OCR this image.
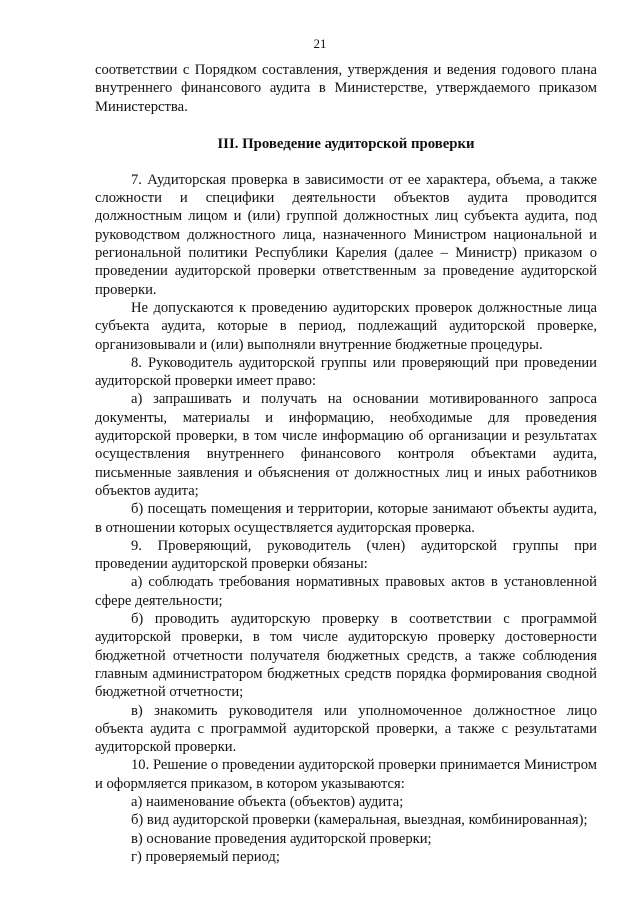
21

соответствии с Порядком составления, утверждения и ведения годового плана внутреннего финансового аудита в Министерстве, утверждаемого приказом Министерства.

III. Проведение аудиторской проверки

7. Аудиторская проверка в зависимости от ее характера, объема, а также сложности и специфики деятельности объектов аудита проводится должностным лицом и (или) группой должностных лиц субъекта аудита, под руководством должностного лица, назначенного Министром национальной и региональной политики Республики Карелия (далее – Министр) приказом о проведении аудиторской проверки ответственным за проведение аудиторской проверки.

Не допускаются к проведению аудиторских проверок должностные лица субъекта аудита, которые в период, подлежащий аудиторской проверке, организовывали и (или) выполняли внутренние бюджетные процедуры.

8. Руководитель аудиторской группы или проверяющий при проведении аудиторской проверки имеет право:

а) запрашивать и получать на основании мотивированного запроса документы, материалы и информацию, необходимые для проведения аудиторской проверки, в том числе информацию об организации и результатах осуществления внутреннего финансового контроля объектами аудита, письменные заявления и объяснения от должностных лиц и иных работников объектов аудита;

б) посещать помещения и территории, которые занимают объекты аудита, в отношении которых осуществляется аудиторская проверка.

9. Проверяющий, руководитель (член) аудиторской группы при проведении аудиторской проверки обязаны:

а) соблюдать требования нормативных правовых актов в установленной сфере деятельности;

б) проводить аудиторскую проверку в соответствии с программой аудиторской проверки, в том числе аудиторскую проверку достоверности бюджетной отчетности получателя бюджетных средств, а также соблюдения главным администратором бюджетных средств порядка формирования сводной бюджетной отчетности;

в) знакомить руководителя или уполномоченное должностное лицо объекта аудита с программой аудиторской проверки, а также с результатами аудиторской проверки.

10. Решение о проведении аудиторской проверки принимается Министром и оформляется приказом, в котором указываются:

а) наименование объекта (объектов) аудита;

б) вид аудиторской проверки (камеральная, выездная, комбинированная);

в) основание проведения аудиторской проверки;

г) проверяемый период;
